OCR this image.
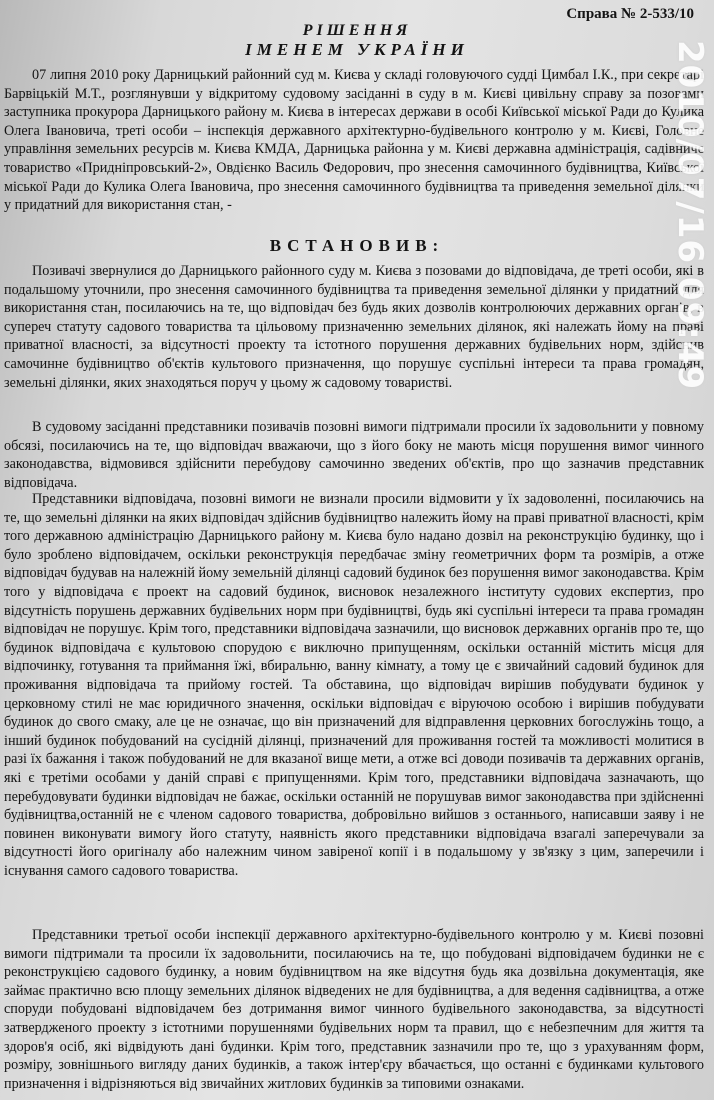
Справа № 2-533/10
РІШЕННЯ
ІМЕНЕМ УКРАЇНИ

07 липня 2010 року Дарницький районний суд м. Києва у складі головуючого судді Цимбал І.К., при секретарі Барвіцькій М.Т., розглянувши у відкритому судовому засіданні в суду в м. Києві цивільну справу за позовами заступника прокурора Дарницького району м. Києва в інтересах держави в особі Київської міської Ради до Кулика Олега Івановича, треті особи – інспекція державного архітектурно-будівельного контролю у м. Києві, Головне управління земельних ресурсів м. Києва КМДА, Дарницька районна у м. Києві державна адміністрація, садівниче товариство «Придніпровський-2», Овдієнко Василь Федорович, про знесення самочинного будівництва, Київської міської Ради до Кулика Олега Івановича, про знесення самочинного будівництва та приведення земельної ділянки у придатний для використання стан, -

ВСТАНОВИВ:

Позивачі звернулися до Дарницького районного суду м. Києва з позовами до відповідача, де треті особи, які в подальшому уточнили, про знесення самочинного будівництва та приведення земельної ділянки у придатний для використання стан, посилаючись на те, що відповідач без будь яких дозволів контролюючих державних органів, в супереч статуту садового товариства та цільовому призначенню земельних ділянок, які належать йому на праві приватної власності, за відсутності проекту та істотного порушення державних будівельних норм, здійснив самочинне будівництво об'єктів культового призначення, що порушує суспільні інтереси та права громадян, земельні ділянки, яких знаходяться поруч у цьому ж садовому товаристві.

В судовому засіданні представники позивачів позовні вимоги підтримали просили їх задовольнити у повному обсязі, посилаючись на те, що відповідач вважаючи, що з його боку не мають місця порушення вимог чинного законодавства, відмовився здійснити перебудову самочинно зведених об'єктів, про що зазначив представник відповідача.

Представники відповідача, позовні вимоги не визнали просили відмовити у їх задоволенні, посилаючись на те, що земельні ділянки на яких відповідач здійснив будівництво належить йому на праві приватної власності, крім того державною адміністрацію Дарницького району м. Києва було надано дозвіл на реконструкцію будинку, що і було зроблено відповідачем, оскільки реконструкція передбачає зміну геометричних форм та розмірів, а отже відповідач будував на належній йому земельній ділянці садовий будинок без порушення вимог законодавства. Крім того у відповідача є проект на садовий будинок, висновок незалежного інституту судових експертиз, про відсутність порушень державних будівельних норм при будівництві, будь які суспільні інтереси та права громадян відповідач не порушує. Крім того, представники відповідача зазначили, що висновок державних органів про те, що будинок відповідача є культовою спорудою є виключно припущенням, оскільки останній містить місця для відпочинку, готування та приймання їжі, вбиральню, ванну кімнату, а тому це є звичайний садовий будинок для проживання відповідача та прийому гостей. Та обставина, що відповідач вирішив побудувати будинок у церковному стилі не має юридичного значення, оскільки відповідач є віруючою особою і вирішив побудувати будинок до свого смаку, але це не означає, що він призначений для відправлення церковних богослужінь тощо, а інший будинок побудований на сусідній ділянці, призначений для проживання гостей та можливості молитися в разі їх бажання і також побудований не для вказаної вище мети, а отже всі доводи позивачів та державних органів, які є третіми особами у даній справі є припущеннями. Крім того, представники відповідача зазначають, що перебудовувати будинки відповідач не бажає, оскільки останній не порушував вимог законодавства при здійсненні будівництва,останній не є членом садового товариства, добровільно вийшов з останнього, написавши заяву і не повинен виконувати вимогу його статуту, наявність якого представники відповідача взагалі заперечували за відсутності його оригіналу або належним чином завіреної копії і в подальшому у зв'язку з цим, заперечили і існування самого садового товариства.

Представники третьої особи інспекції державного архітектурно-будівельного контролю у м. Києві позовні вимоги підтримали та просили їх задовольнити, посилаючись на те, що побудовані відповідачем будинки не є реконструкцією садового будинку, а новим будівництвом на яке відсутня будь яка дозвільна документація, яке займає практично всю площу земельних ділянок відведених не для будівництва, а для ведення садівництва, а отже споруди побудовані відповідачем без дотримання вимог чинного будівельного законодавства, за відсутності затвердженого проекту з істотними порушеннями будівельних норм та правил, що є небезпечним для життя та здоров'я осіб, які відвідують дані будинки. Крім того, представник зазначили про те, що з урахуванням форм, розміру, зовнішнього вигляду даних будинків, а також інтер'єру вбачається, що останні є будинками культового призначення і відрізняються від звичайних житлових будинків за типовими ознаками.

2010/07/16 09:49
